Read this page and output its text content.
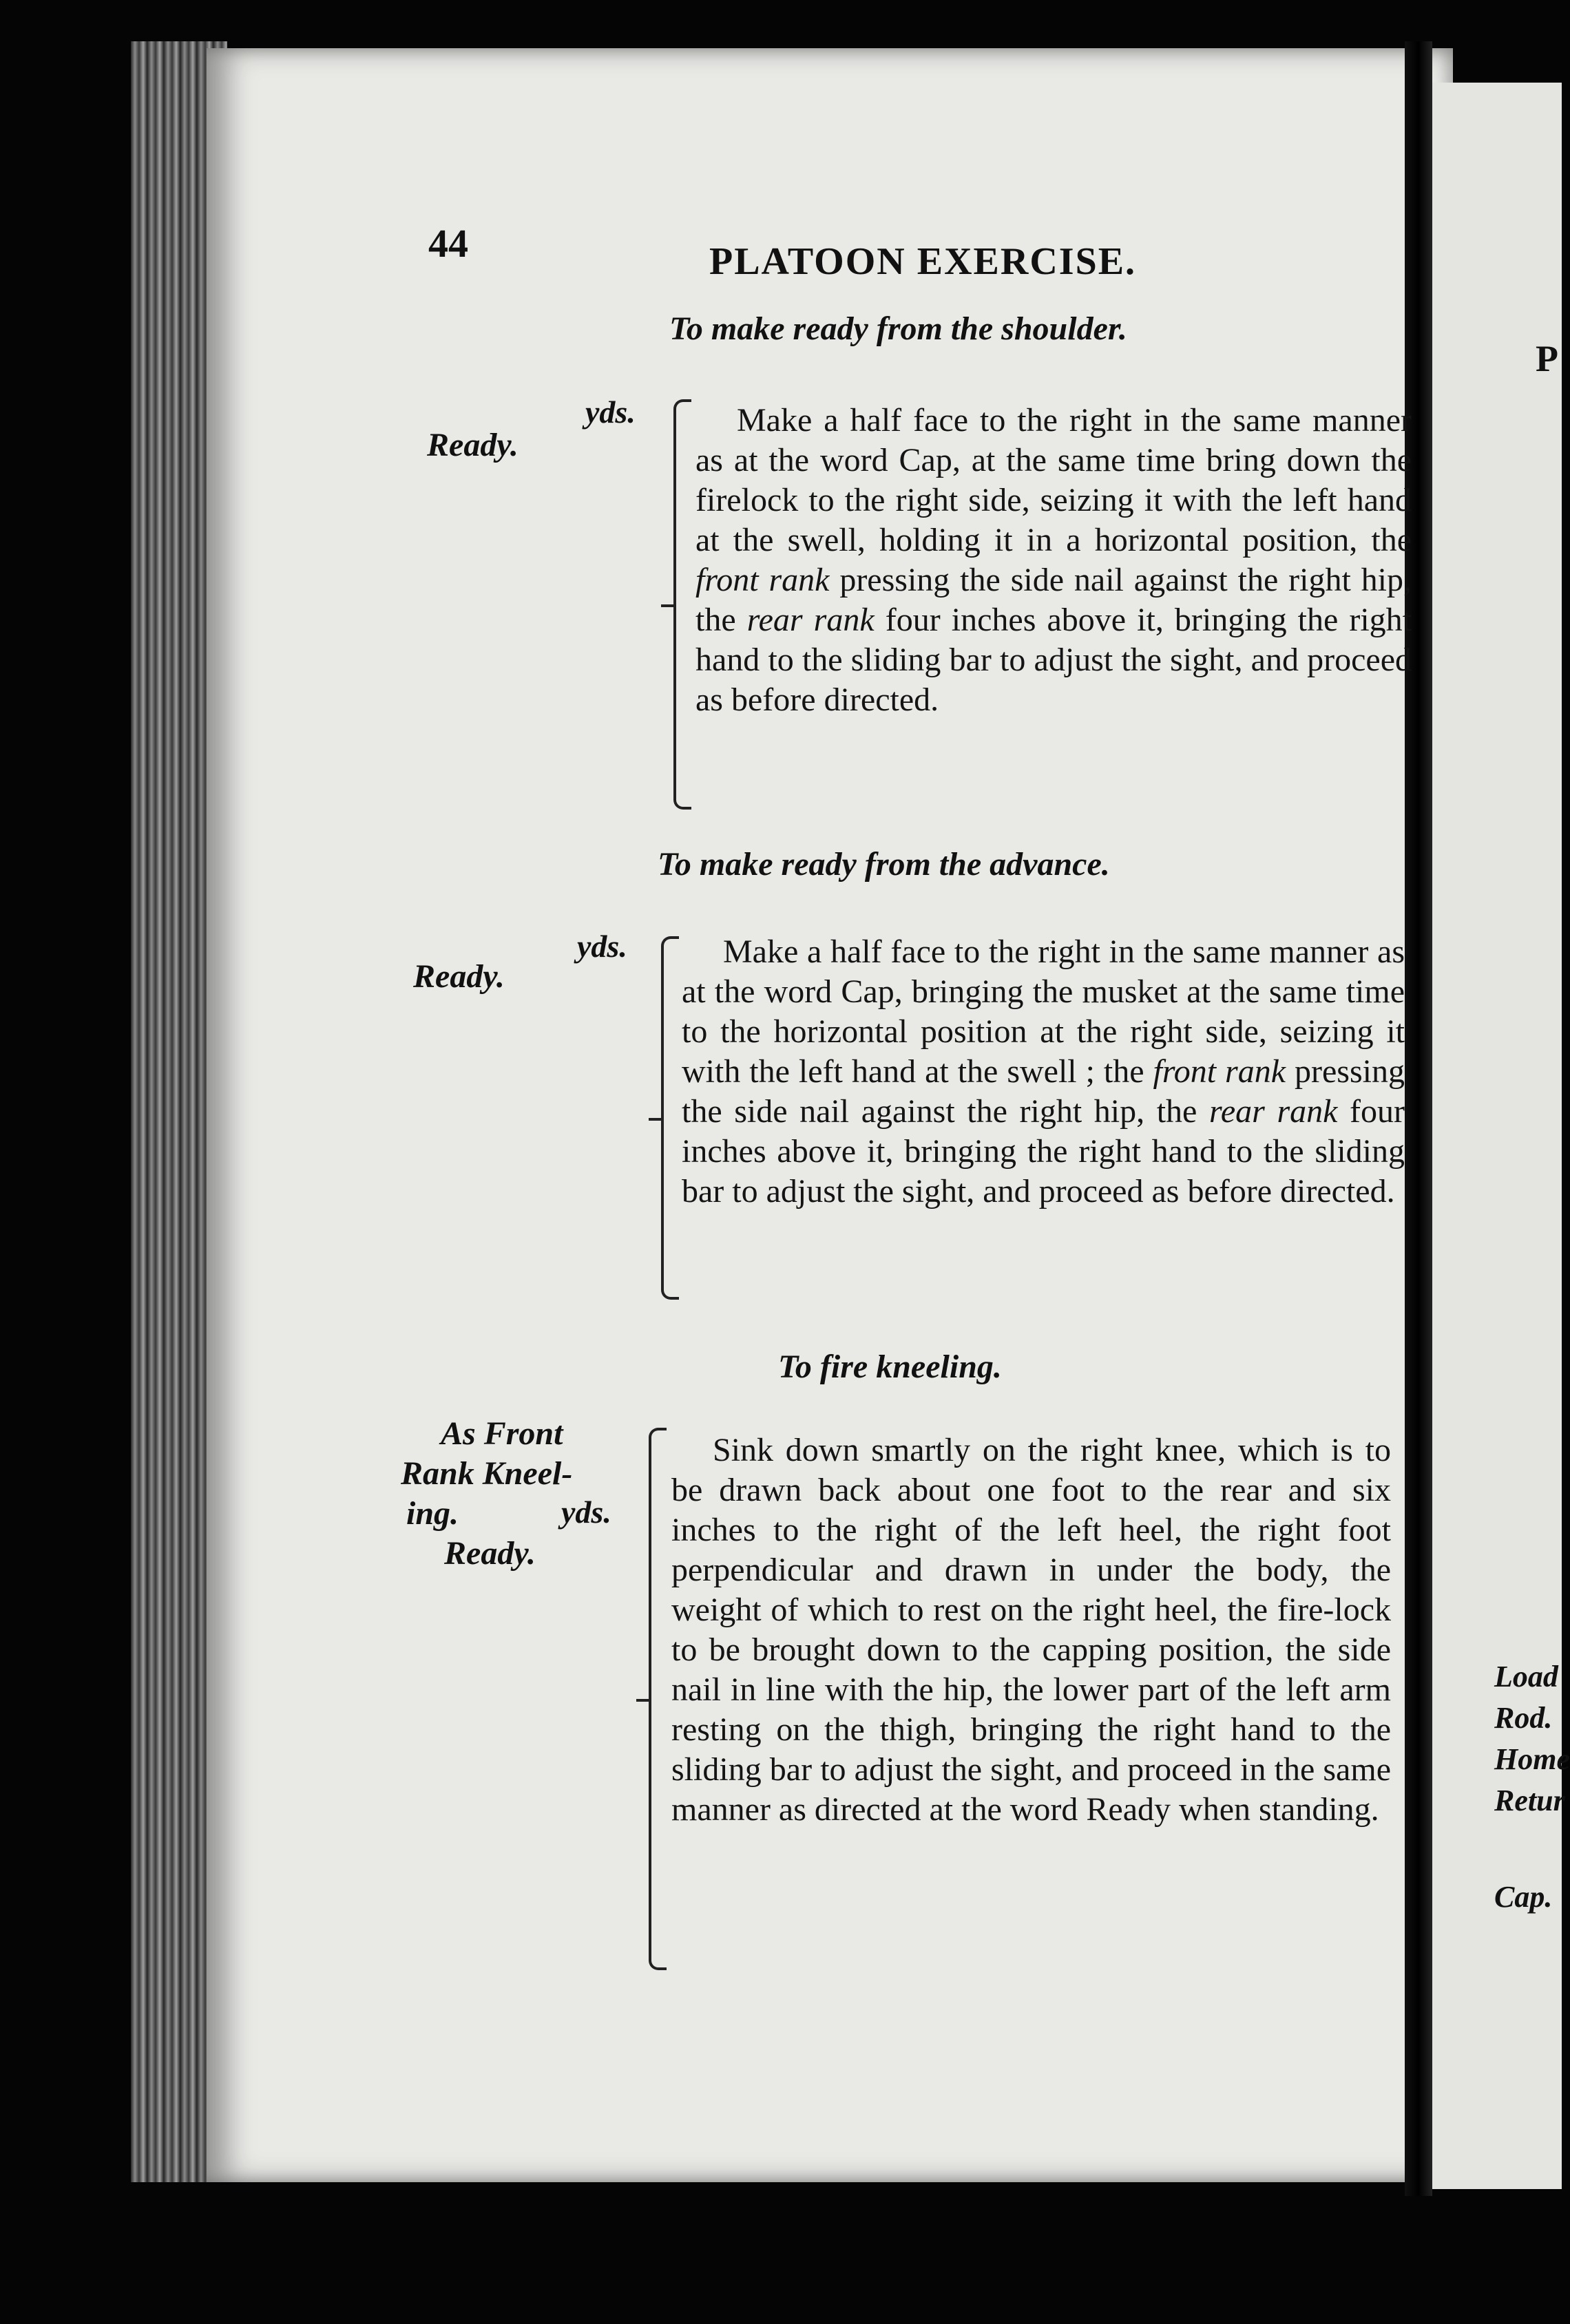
P
Load
Rod.
Home
Retur
Cap.
44	PLATOON EXERCISE.
To make ready from the shoulder.
Ready.
yds.	Make a half face to the right in the same manner as at the word Cap, at the same time bring down the firelock to the right side, seizing it with the left hand at the swell, holding it in a horizontal position, the front rank pressing the side nail against the right hip, the rear rank four inches above it, bringing the right hand to the sliding bar to adjust the sight, and proceed as before directed.
To make ready from the advance.
Ready.
yds.	Make a half face to the right in the same manner as at the word Cap, bringing the musket at the same time to the horizontal position at the right side, seizing it with the left hand at the swell ; the front rank pressing the side nail against the right hip, the rear rank four inches above it, bringing the right hand to the sliding bar to adjust the sight, and proceed as before directed.
To fire kneeling.
As Front
Rank Kneel-
ing.	yds.
Ready.
Sink down smartly on the right knee, which is to be drawn back about one foot to the rear and six inches to the right of the left heel, the right foot perpendicular and drawn in under the body, the weight of which to rest on the right heel, the fire-lock to be brought down to the capping position, the side nail in line with the hip, the lower part of the left arm resting on the thigh, bringing the right hand to the sliding bar to adjust the sight, and proceed in the same manner as directed at the word Ready when standing.
